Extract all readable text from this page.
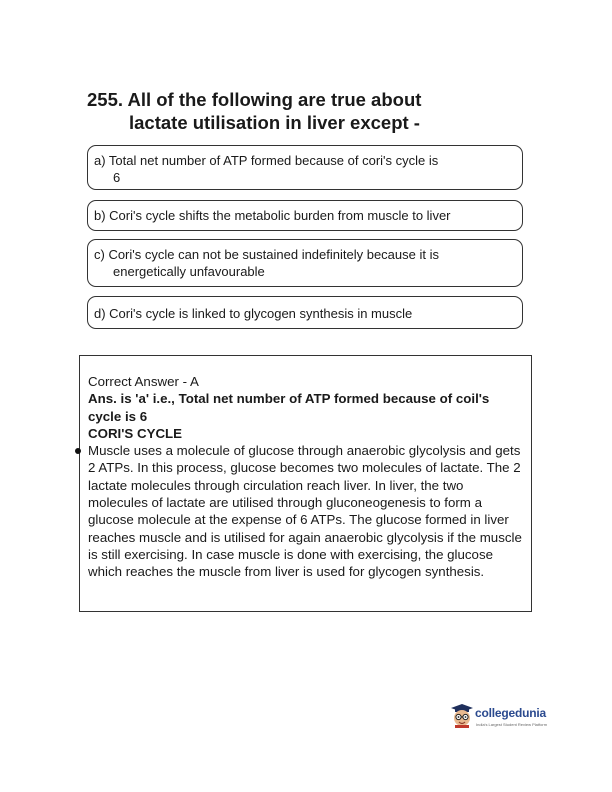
255. All of the following are true about
lactate utilisation in liver except -
a) Total net number of ATP formed because of cori's cycle is
6
b) Cori's cycle shifts the metabolic burden from muscle to liver
c) Cori's cycle can not be sustained indefinitely because it is
energetically unfavourable
d) Cori's cycle is linked to glycogen synthesis in muscle

Correct Answer - A

Ans. is 'a' i.e., Total net number of ATP formed because of coil's cycle is 6

CORI'S CYCLE

Muscle uses a molecule of glucose through anaerobic glycolysis and gets 2 ATPs. In this process, glucose becomes two molecules of lactate. The 2 lactate molecules through circulation reach liver. In liver, the two molecules of lactate are utilised through gluconeogenesis to form a glucose molecule at the expense of 6 ATPs. The glucose formed in liver reaches muscle and is utilised for again anaerobic glycolysis if the muscle is still exercising. In case muscle is done with exercising, the glucose which reaches the muscle from liver is used for glycogen synthesis.

collegedunia
India's Largest Student Review Platform
